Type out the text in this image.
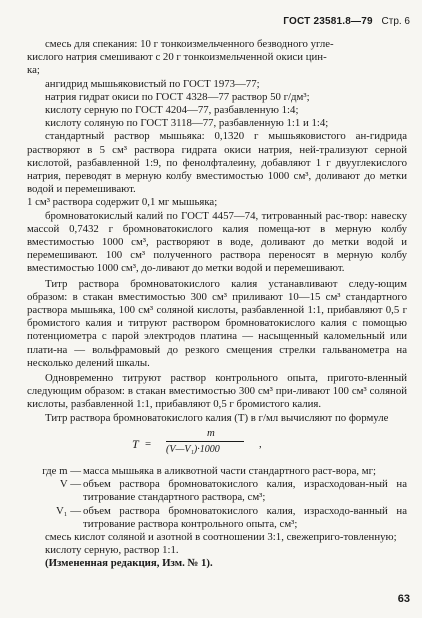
ГОСТ 23581.8—79 Стр. 6

смесь для спекания: 10 г тонкоизмельченного безводного угле-

кислого натрия смешивают с 20 г тонкоизмельченной окиси цин-

ка;

ангидрид мышьяковистый по ГОСТ 1973—77;

натрия гидрат окиси по ГОСТ 4328—77 раствор 50 г/дм³;

кислоту серную по ГОСТ 4204—77, разбавленную 1:4;

кислоту соляную по ГОСТ 3118—77, разбавленную 1:1 и 1:4;

стандартный раствор мышьяка: 0,1320 г мышьяковистого ан-гидрида растворяют в 5 см³ раствора гидрата окиси натрия, ней-трализуют серной кислотой, разбавленной 1:9, по фенолфталеину, добавляют 1 г двууглекислого натрия, переводят в мерную колбу вместимостью 1000 см³, доливают до метки водой и перемешивают.

1 см³ раствора содержит 0,1 мг мышьяка;

бромноватокислый калий по ГОСТ 4457—74, титрованный рас-твор: навеску массой 0,7432 г бромноватокислого калия помеща-ют в мерную колбу вместимостью 1000 см³, растворяют в воде, доливают до метки водой и перемешивают. 100 см³ полученного раствора переносят в мерную колбу вместимостью 1000 см³, до-ливают до метки водой и перемешивают.

Титр раствора бромноватокислого калия устанавливают следу-ющим образом: в стакан вместимостью 300 см³ приливают 10—15 см³ стандартного раствора мышьяка, 100 см³ соляной кислоты, разбавленной 1:1, прибавляют 0,5 г бромистого калия и титруют раствором бромноватокислого калия с помощью потенциометра с парой электродов платина — насыщенный каломельный или плати-на — вольфрамовый до резкого смещения стрелки гальванометра на несколько делений шкалы.

Одновременно титруют раствор контрольного опыта, пригото-вленный следующим образом: в стакан вместимостью 300 см³ при-ливают 100 см³ соляной кислоты, разбавленной 1:1, прибавляют 0,5 г бромистого калия.

Титр раствора бромноватокислого калия (T) в г/мл вычисляют по формуле

T =
m
(V—V₁)·1000	,

где m — масса мышьяка в аликвотной части стандартного раст-вора, мг;

V — объем раствора бромноватокислого калия, израсходован-ный на титрование стандартного раствора, см³;

V₁ — объем раствора бромноватокислого калия, израсходо-ванный на титрование раствора контрольного опыта, см³;

смесь кислот соляной и азотной в соотношении 3:1, свежеприго-товленную;

кислоту серную, раствор 1:1.

(Измененная редакция, Изм. № 1).

63
